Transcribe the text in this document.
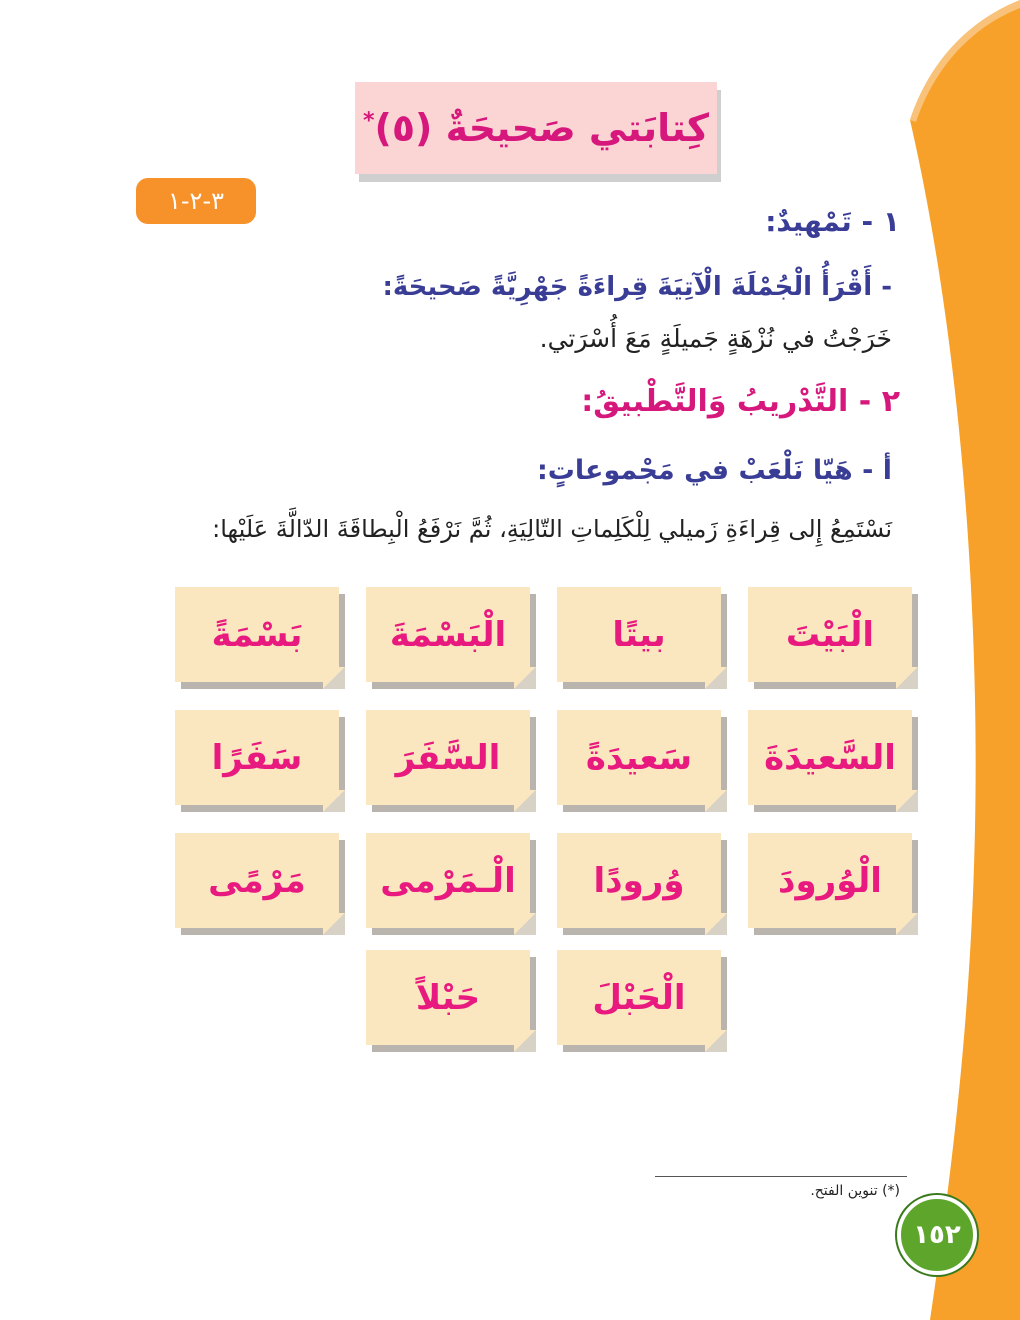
كِتابَتي صَحيحَةٌ (٥)*
٣-٢-١
١ - تَمْهيدٌ:
- أَقْرَأُ الْجُمْلَةَ الْآتِيَةَ قِراءَةً جَهْرِيَّةً صَحيحَةً:
خَرَجْتُ في نُزْهَةٍ جَميلَةٍ مَعَ أُسْرَتي.
٢ - التَّدْريبُ وَالتَّطْبيقُ:
أ - هَيّا نَلْعَبْ في مَجْموعاتٍ:
نَسْتَمِعُ إِلى قِراءَةِ زَميلي لِلْكَلِماتِ التّالِيَةِ، ثُمَّ نَرْفَعُ الْبِطاقَةَ الدّالَّةَ عَلَيْها:
الْبَيْتَ
بيتًا
الْبَسْمَةَ
بَسْمَةً
السَّعيدَةَ
سَعيدَةً
السَّفَرَ
سَفَرًا
الْوُرودَ
وُرودًا
الْـمَرْمى
مَرْمًى
الْحَبْلَ
حَبْلاً
(*) تنوين الفتح.
١٥٢
